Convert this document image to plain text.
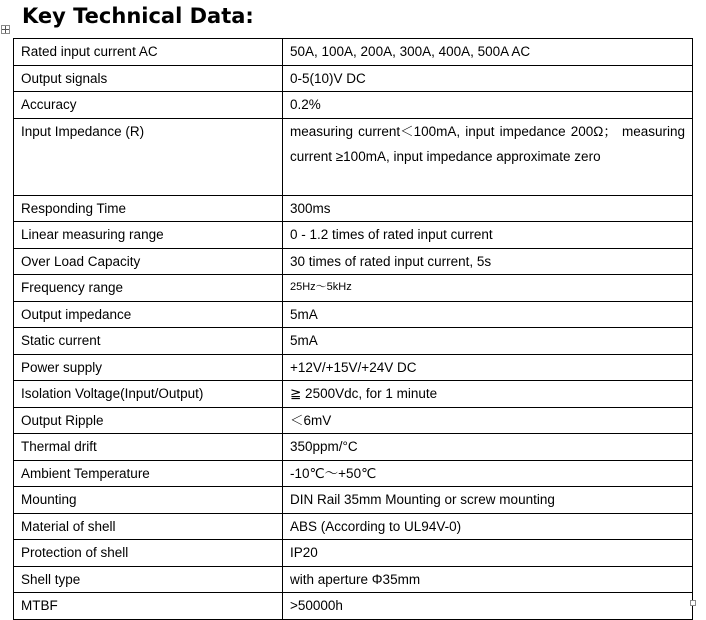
Key Technical Data:
Rated input current AC	50A, 100A, 200A, 300A, 400A, 500A AC
Output signals	0-5(10)V DC
Accuracy	0.2%
Input Impedance (R)	measuring current＜100mA, input impedance 200Ω； measuring current ≥100mA, input impedance approximate zero
Responding Time	300ms
Linear measuring range	0 - 1.2 times of rated input current
Over Load Capacity	30 times of rated input current, 5s
Frequency range	25Hz～5kHz
Output impedance	5mA
Static current	5mA
Power supply	+12V/+15V/+24V DC
Isolation Voltage(Input/Output)	≧ 2500Vdc, for 1 minute
Output Ripple	＜6mV
Thermal drift	350ppm/°C
Ambient Temperature	-10℃～+50℃
Mounting	DIN Rail 35mm Mounting or screw mounting
Material of shell	ABS (According to UL94V-0)
Protection of shell	IP20
Shell type	with aperture Φ35mm
MTBF	>50000h
